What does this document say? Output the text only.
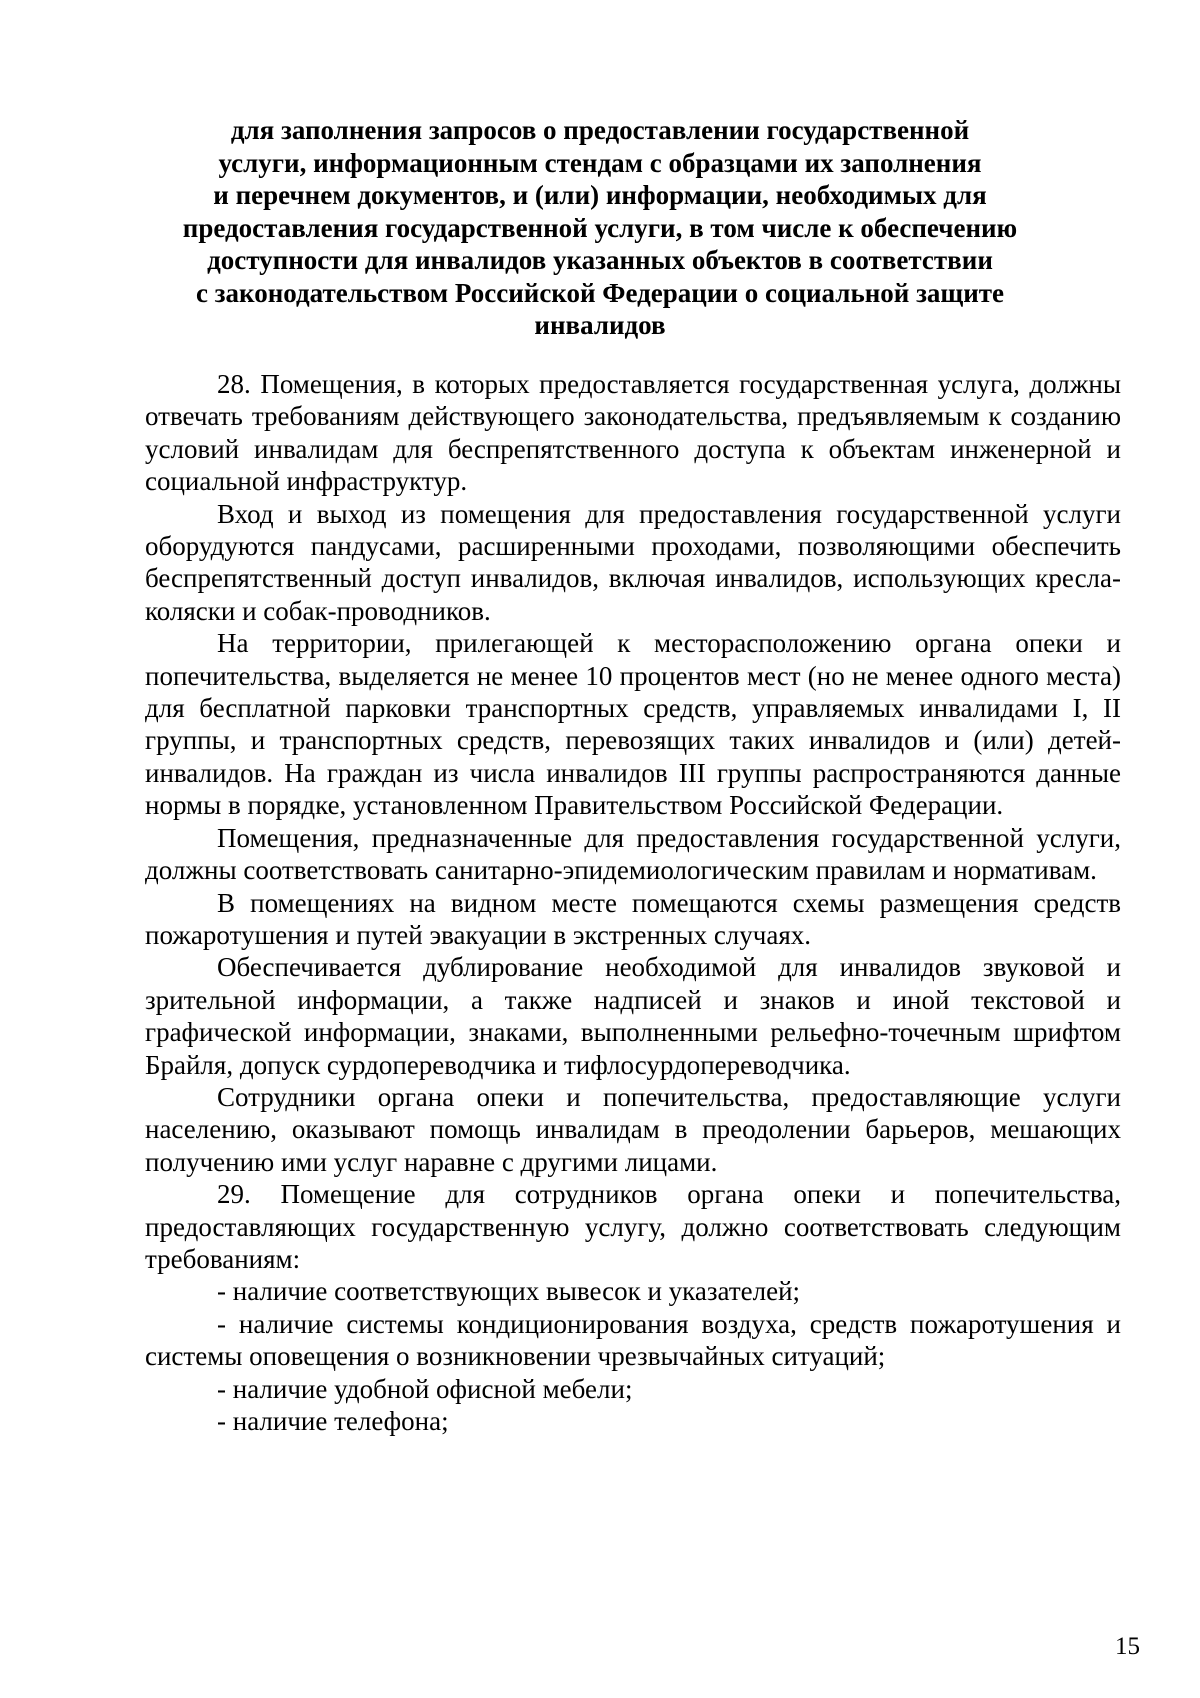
для заполнения запросов о предоставлении государственной
услуги, информационным стендам с образцами их заполнения
и перечнем документов, и (или) информации, необходимых для
предоставления государственной услуги, в том числе к обеспечению
доступности для инвалидов указанных объектов в соответствии
с законодательством Российской Федерации о социальной защите
инвалидов

28. Помещения, в которых предоставляется государственная услуга, должны отвечать требованиям действующего законодательства, предъявляемым к созданию условий инвалидам для беспрепятственного доступа к объектам инженерной и социальной инфраструктур.

Вход и выход из помещения для предоставления государственной услуги оборудуются пандусами, расширенными проходами, позволяющими обеспечить беспрепятственный доступ инвалидов, включая инвалидов, использующих кресла-коляски и собак-проводников.

На территории, прилегающей к месторасположению органа опеки и попечительства, выделяется не менее 10 процентов мест (но не менее одного места) для бесплатной парковки транспортных средств, управляемых инвалидами I, II группы, и транспортных средств, перевозящих таких инвалидов и (или) детей-инвалидов. На граждан из числа инвалидов III группы распространяются данные нормы в порядке, установленном Правительством Российской Федерации.

Помещения, предназначенные для предоставления государственной услуги, должны соответствовать санитарно-эпидемиологическим правилам и нормативам.

В помещениях на видном месте помещаются схемы размещения средств пожаротушения и путей эвакуации в экстренных случаях.

Обеспечивается дублирование необходимой для инвалидов звуковой и зрительной информации, а также надписей и знаков и иной текстовой и графической информации, знаками, выполненными рельефно-точечным шрифтом Брайля, допуск сурдопереводчика и тифлосурдопереводчика.

Сотрудники органа опеки и попечительства, предоставляющие услуги населению, оказывают помощь инвалидам в преодолении барьеров, мешающих получению ими услуг наравне с другими лицами.

29. Помещение для сотрудников органа опеки и попечительства, предоставляющих государственную услугу, должно соответствовать следующим требованиям:

- наличие соответствующих вывесок и указателей;

- наличие системы кондиционирования воздуха, средств пожаротушения и системы оповещения о возникновении чрезвычайных ситуаций;

- наличие удобной офисной мебели;

- наличие телефона;

15
